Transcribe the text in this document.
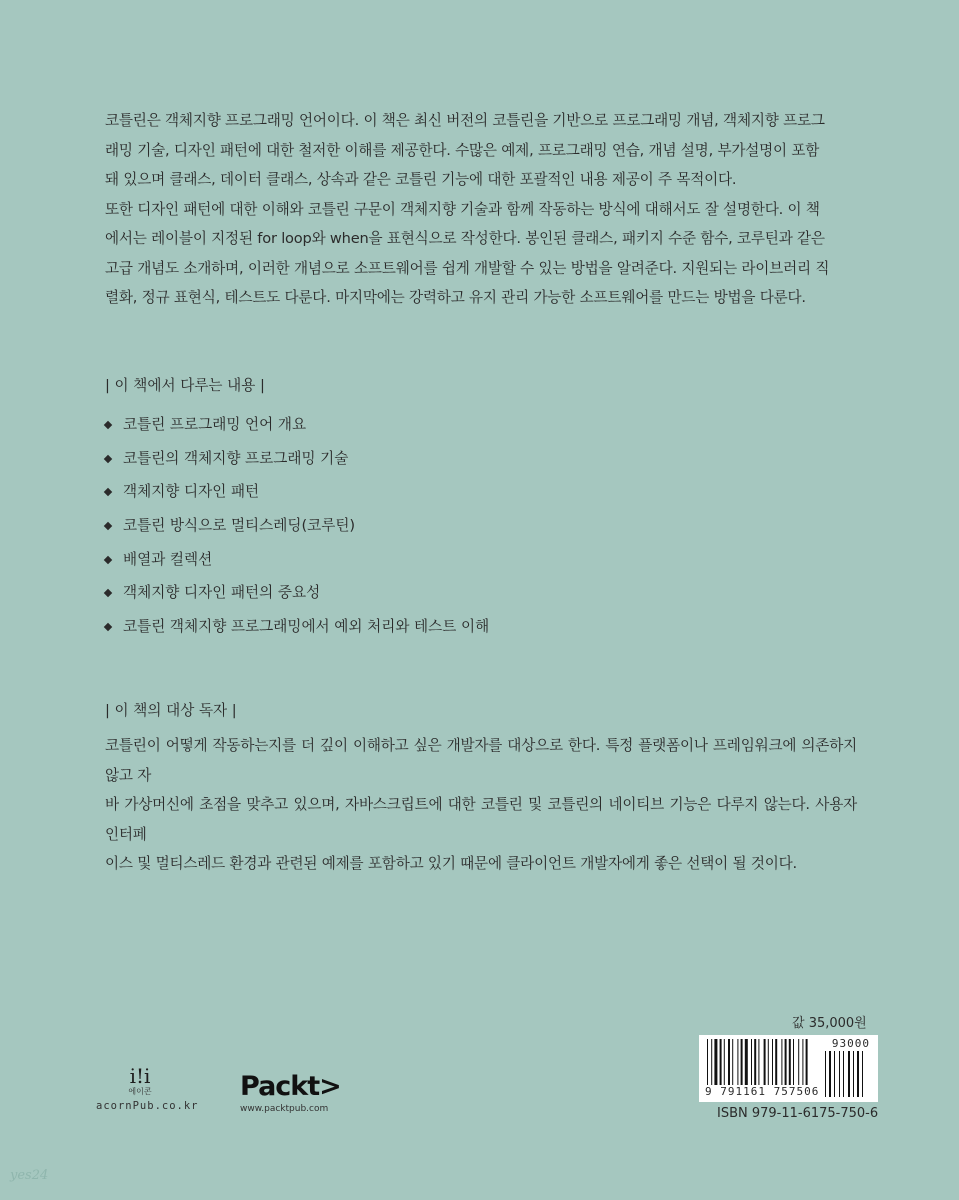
코틀린은 객체지향 프로그래밍 언어이다. 이 책은 최신 버전의 코틀린을 기반으로 프로그래밍 개념, 객체지향 프로그

래밍 기술, 디자인 패턴에 대한 철저한 이해를 제공한다. 수많은 예제, 프로그래밍 연습, 개념 설명, 부가설명이 포함

돼 있으며 클래스, 데이터 클래스, 상속과 같은 코틀린 기능에 대한 포괄적인 내용 제공이 주 목적이다.

또한 디자인 패턴에 대한 이해와 코틀린 구문이 객체지향 기술과 함께 작동하는 방식에 대해서도 잘 설명한다. 이 책

에서는 레이블이 지정된 for loop와 when을 표현식으로 작성한다. 봉인된 클래스, 패키지 수준 함수, 코루틴과 같은

고급 개념도 소개하며, 이러한 개념으로 소프트웨어를 쉽게 개발할 수 있는 방법을 알려준다. 지원되는 라이브러리 직

렬화, 정규 표현식, 테스트도 다룬다. 마지막에는 강력하고 유지 관리 가능한 소프트웨어를 만드는 방법을 다룬다.

| 이 책에서 다루는 내용 |

코틀린 프로그래밍 언어 개요
코틀린의 객체지향 프로그래밍 기술
객체지향 디자인 패턴
코틀린 방식으로 멀티스레딩(코루틴)
배열과 컬렉션
객체지향 디자인 패턴의 중요성
코틀린 객체지향 프로그래밍에서 예외 처리와 테스트 이해

| 이 책의 대상 독자 |

코틀린이 어떻게 작동하는지를 더 깊이 이해하고 싶은 개발자를 대상으로 한다. 특정 플랫폼이나 프레임워크에 의존하지 않고 자

바 가상머신에 초점을 맞추고 있으며, 자바스크립트에 대한 코틀린 및 코틀린의 네이티브 기능은 다루지 않는다. 사용자 인터페

이스 및 멀티스레드 환경과 관련된 예제를 포함하고 있기 때문에 클라이언트 개발자에게 좋은 선택이 될 것이다.

값 35,000원
93000
9 791161 757506
ISBN 979-11-6175-750-6
i!i
에이콘
acornPub.co.kr
Packt>
www.packtpub.com
yes24
